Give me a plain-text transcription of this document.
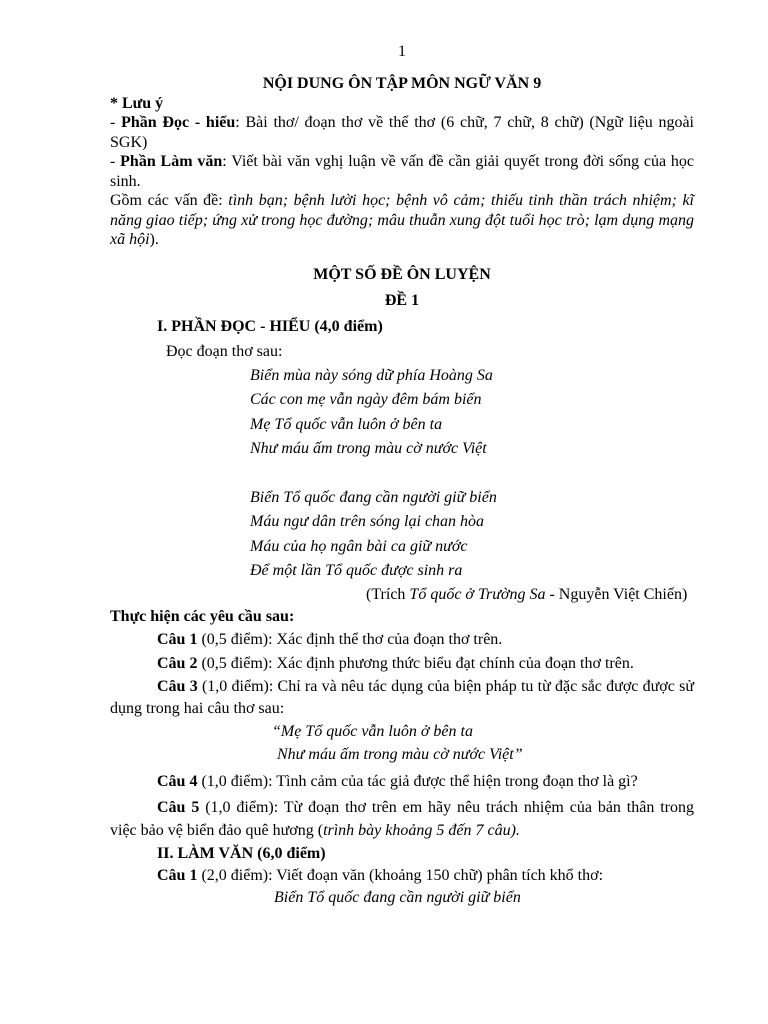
1
NỘI DUNG ÔN TẬP MÔN NGỮ VĂN 9
* Lưu ý
- Phần Đọc - hiểu: Bài thơ/ đoạn thơ về thể thơ (6 chữ, 7 chữ, 8 chữ) (Ngữ liệu ngoài SGK)
- Phần Làm văn: Viết bài văn vghị luận về vấn đề cần giải quyết trong đời sống của học sinh.
Gồm các vấn đề: tình bạn; bệnh lười học; bệnh vô cảm; thiếu tinh thần trách nhiệm; kĩ năng giao tiếp; ứng xử trong học đường; mâu thuẫn xung đột tuổi học trò; lạm dụng mạng xã hội).
MỘT SỐ ĐỀ ÔN LUYỆN
ĐỀ 1
I. PHẦN ĐỌC - HIỂU (4,0 điểm)
Đọc đoạn thơ sau:
Biển mùa này sóng dữ phía Hoàng Sa
Các con mẹ vẫn ngày đêm bám biển
Mẹ Tổ quốc vẫn luôn ở bên ta
Như máu ấm trong màu cờ nước Việt
Biển Tổ quốc đang cần người giữ biển
Máu ngư dân trên sóng lại chan hòa
Máu của họ ngân bài ca giữ nước
Để một lần Tổ quốc được sinh ra
(Trích Tổ quốc ở Trường Sa - Nguyễn Việt Chiến)
Thực hiện các yêu cầu sau:
Câu 1 (0,5 điểm): Xác định thể thơ của đoạn thơ trên.
Câu 2 (0,5 điểm): Xác định phương thức biểu đạt chính của đoạn thơ trên.
Câu 3 (1,0 điểm): Chỉ ra và nêu tác dụng của biện pháp tu từ đặc sắc được được sử dụng trong hai câu thơ sau:
“Mẹ Tổ quốc vẫn luôn ở bên ta
Như máu ấm trong màu cờ nước Việt”
Câu 4 (1,0 điểm): Tình cảm của tác giả được thể hiện trong đoạn thơ là gì?
Câu 5 (1,0 điểm): Từ đoạn thơ trên em hãy nêu trách nhiệm của bản thân trong việc bảo vệ biển đảo quê hương (trình bày khoảng 5 đến 7 câu).
II. LÀM VĂN (6,0 điểm)
Câu 1 (2,0 điểm): Viết đoạn văn (khoảng 150 chữ) phân tích khổ thơ:
Biển Tổ quốc đang cần người giữ biển
